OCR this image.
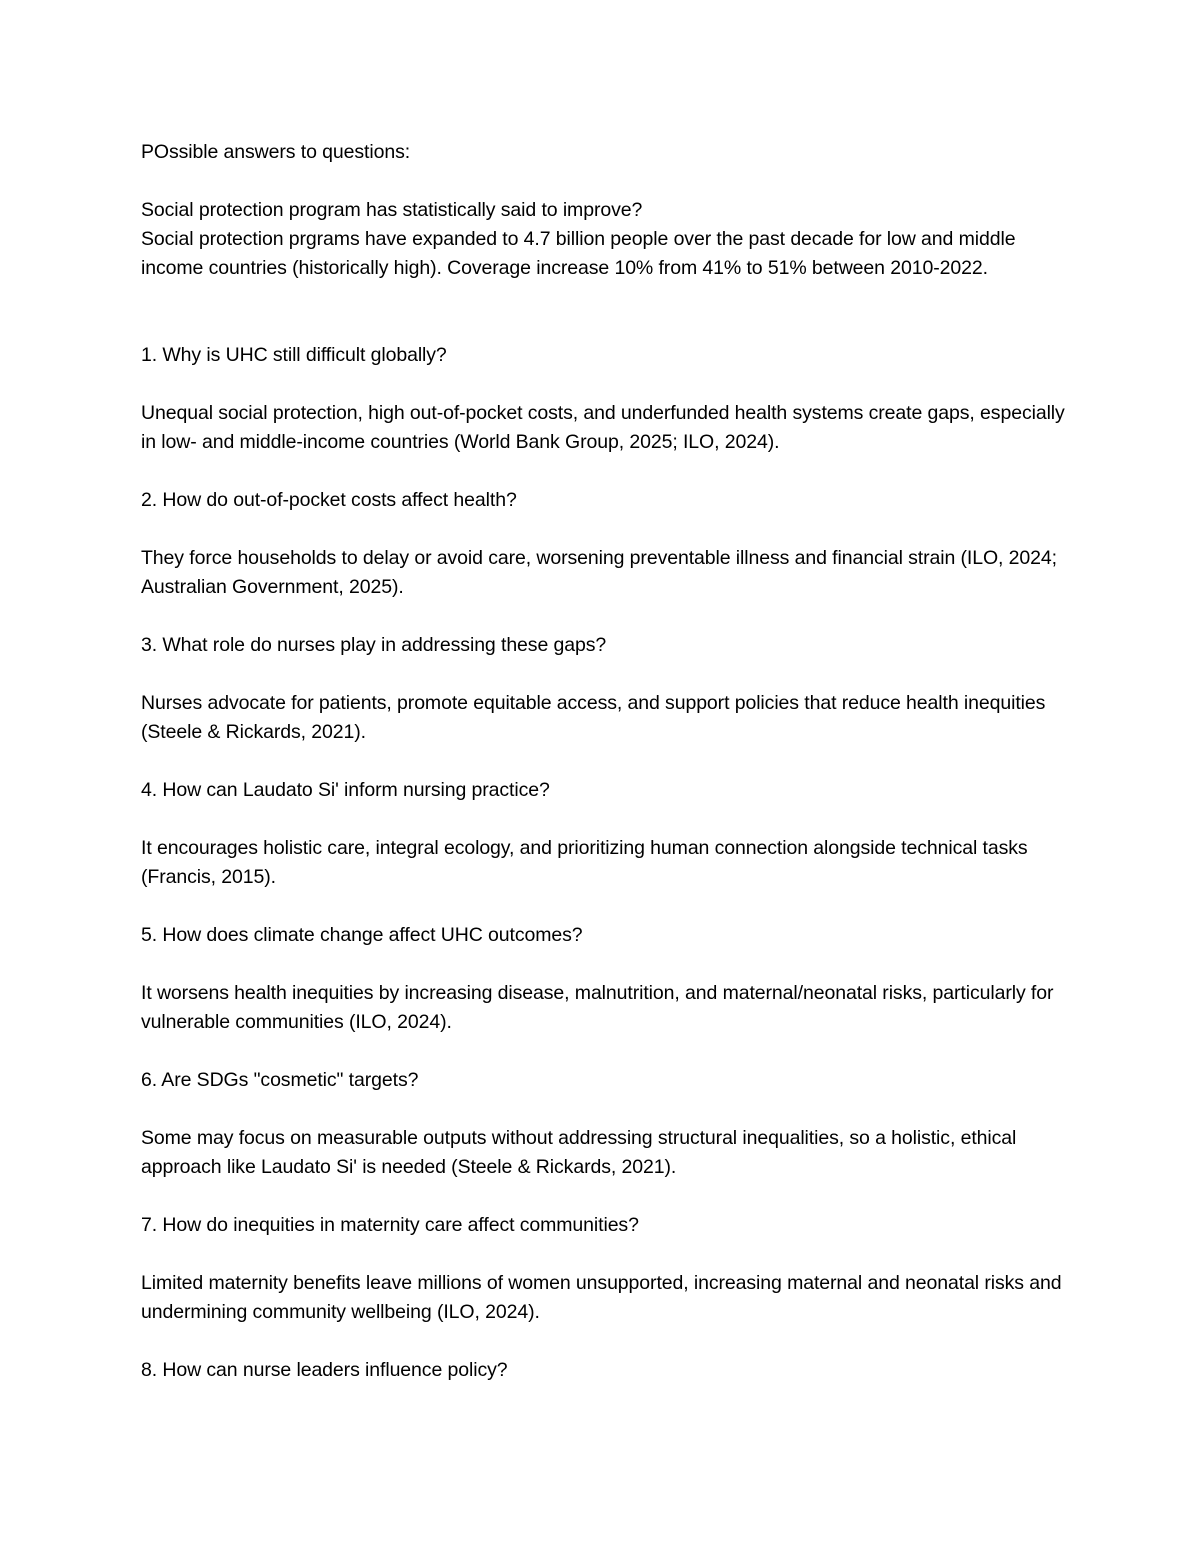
POssible answers to questions:

Social protection program has statistically said to improve?

Social protection prgrams have expanded to 4.7 billion people over the past decade for low and middle income countries (historically high). Coverage increase 10% from 41% to 51% between 2010-2022.

1. Why is UHC still difficult globally?

Unequal social protection, high out-of-pocket costs, and underfunded health systems create gaps, especially in low- and middle-income countries (World Bank Group, 2025; ILO, 2024).

2. How do out-of-pocket costs affect health?

They force households to delay or avoid care, worsening preventable illness and financial strain (ILO, 2024; Australian Government, 2025).

3. What role do nurses play in addressing these gaps?

Nurses advocate for patients, promote equitable access, and support policies that reduce health inequities (Steele & Rickards, 2021).

4. How can Laudato Si' inform nursing practice?

It encourages holistic care, integral ecology, and prioritizing human connection alongside technical tasks (Francis, 2015).

5. How does climate change affect UHC outcomes?

It worsens health inequities by increasing disease, malnutrition, and maternal/neonatal risks, particularly for vulnerable communities (ILO, 2024).

6. Are SDGs "cosmetic" targets?

Some may focus on measurable outputs without addressing structural inequalities, so a holistic, ethical approach like Laudato Si' is needed (Steele & Rickards, 2021).

7. How do inequities in maternity care affect communities?

Limited maternity benefits leave millions of women unsupported, increasing maternal and neonatal risks and undermining community wellbeing (ILO, 2024).

8. How can nurse leaders influence policy?
